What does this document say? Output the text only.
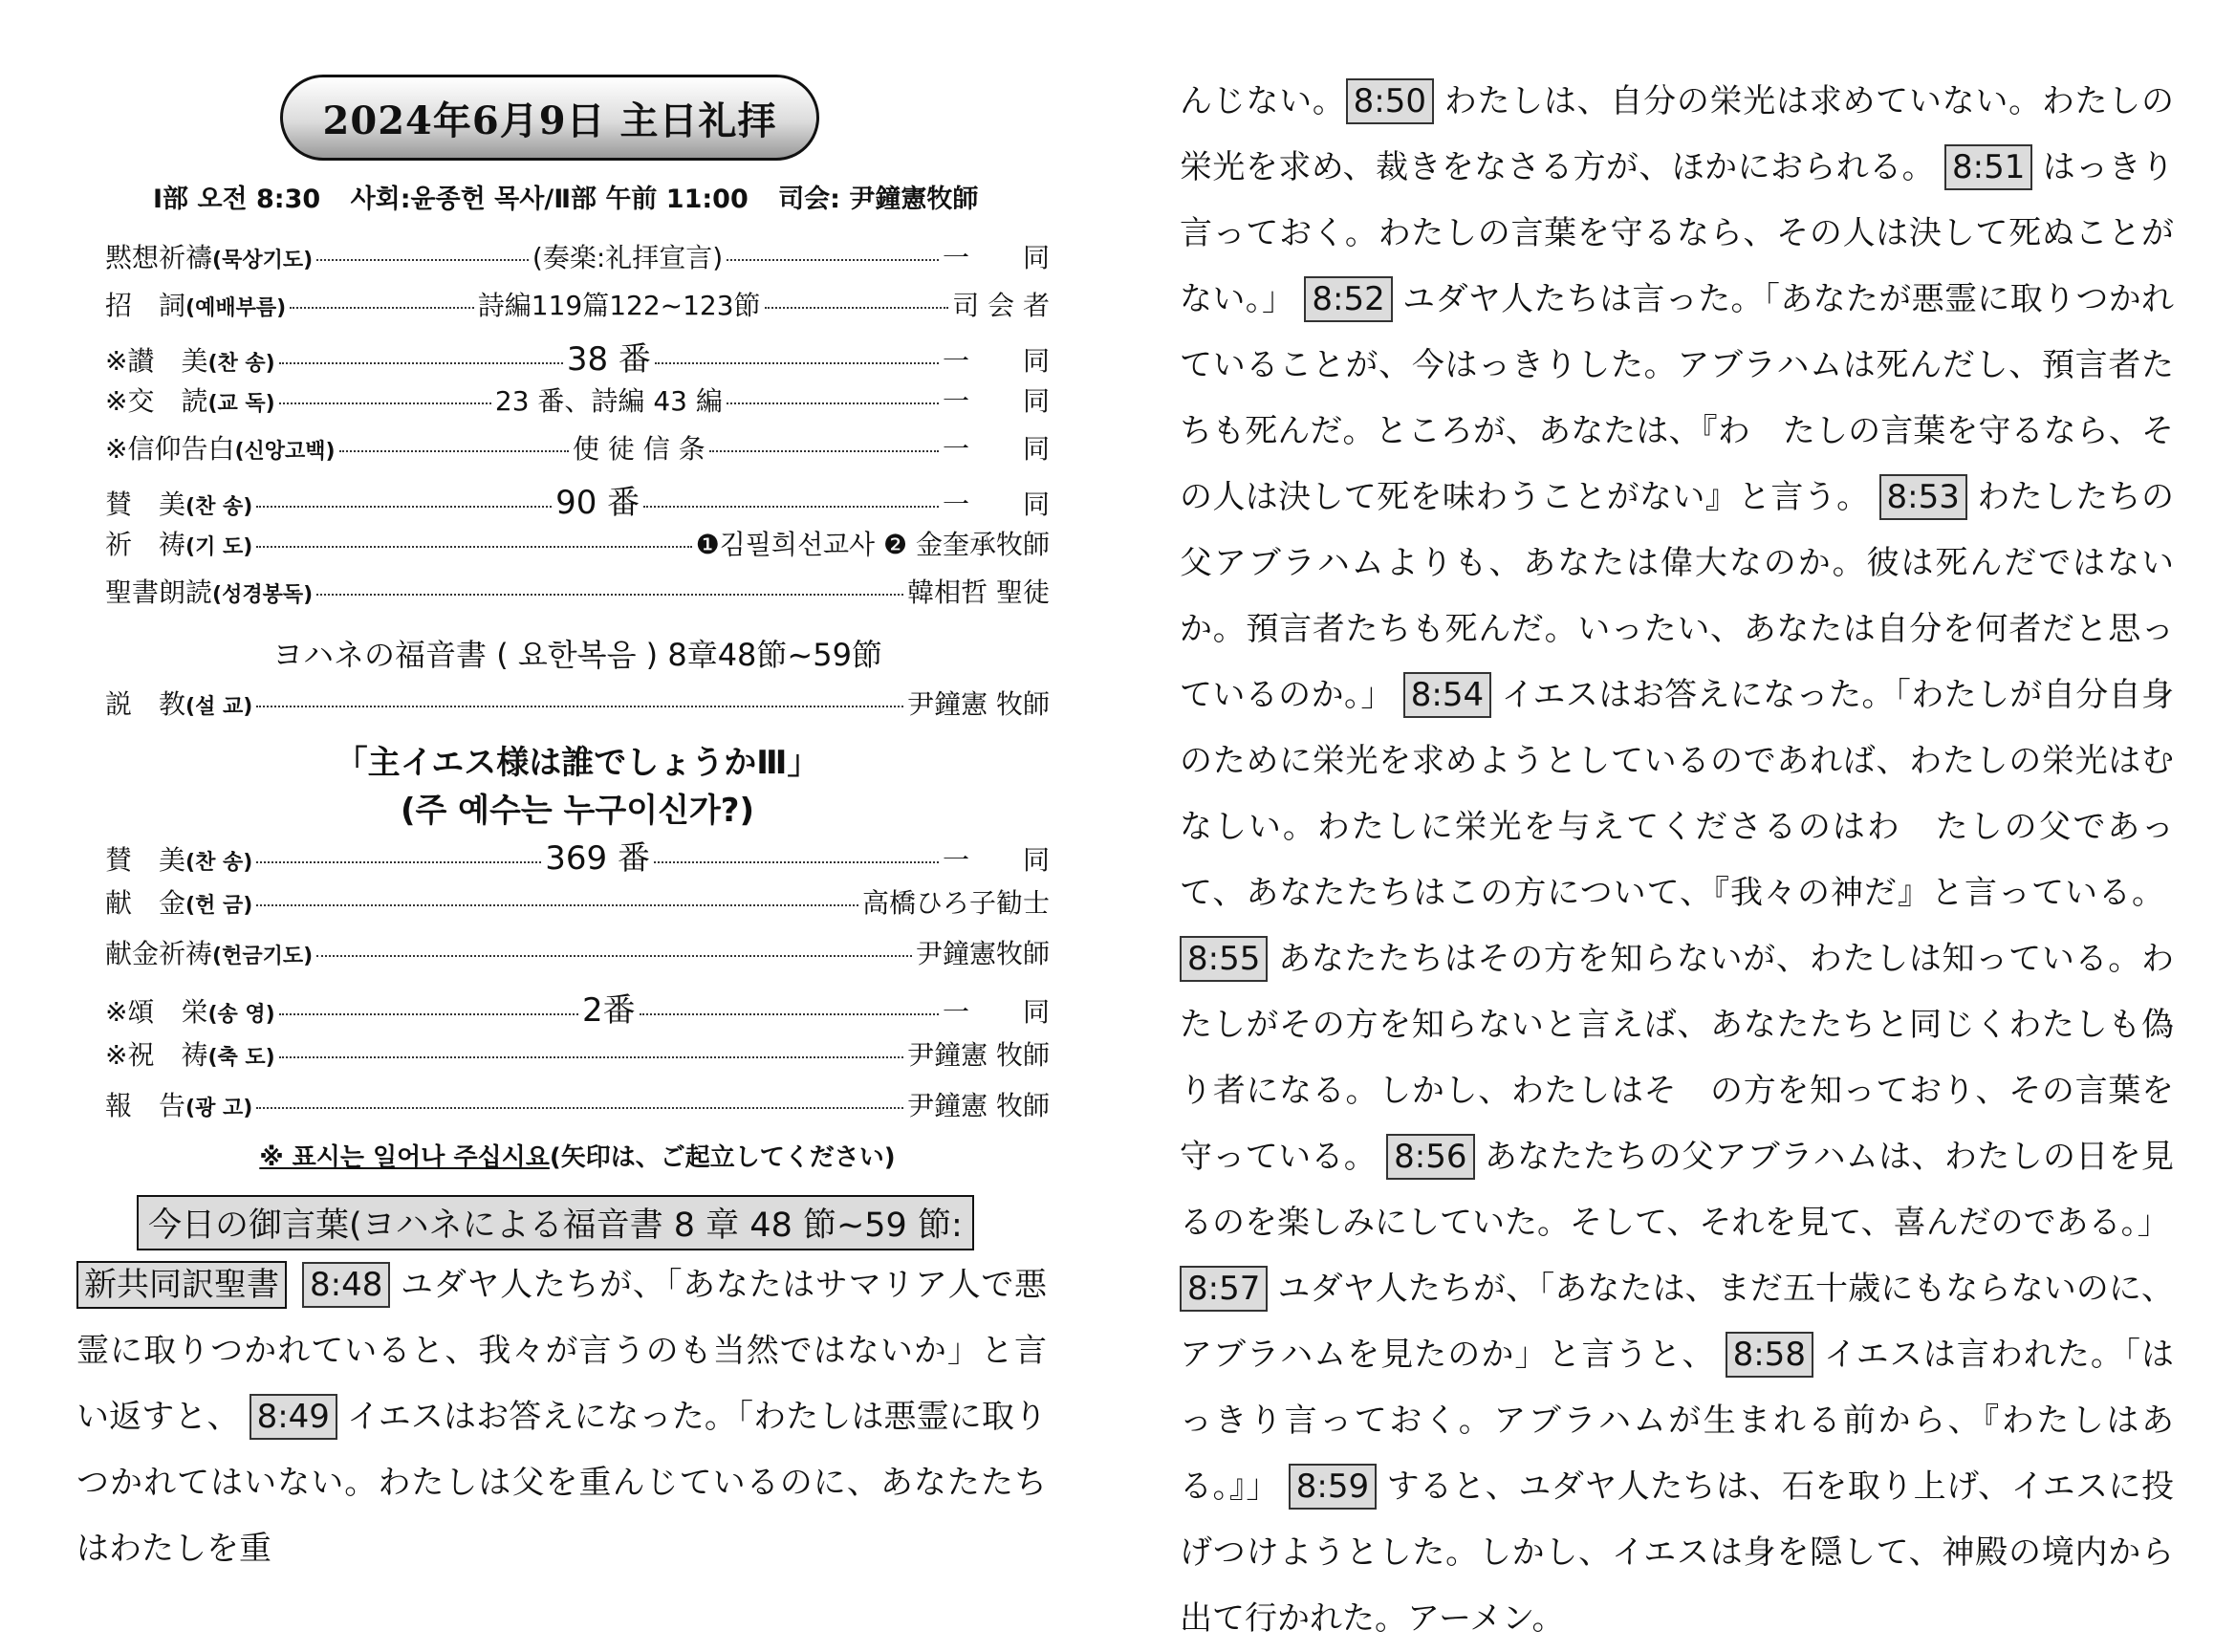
2024年6月9日 主日礼拝
Ⅰ部 오전 8:30 사회:윤종헌 목사/Ⅱ部 午前 11:00 司会: 尹鐘憲牧師
黙想祈禱(묵상기도)	(奏楽:礼拝宣言)	一　　同
招　詞(예배부름)	詩編119篇122~123節	司 会 者
※讃　美(찬 송)	38 番	一　　同
※交　読(교 독)	23 番、詩編 43 編	一　　同
※信仰告白(신앙고백)	使 徒 信 条	一　　同
賛　美(찬 송)	90 番	一　　同
祈　祷(기 도)	❶김필희선교사 ❷ 金奎承牧師
聖書朗読(성경봉독)	韓相哲 聖徒
ヨハネの福音書 ( 요한복음 ) 8章48節~59節
説　教(설 교)	尹鐘憲 牧師
「主イエス様は誰でしょうかⅢ」
(주 예수는 누구이신가?)
賛　美(찬 송)	369 番	一　　同
献　金(헌 금)	高橋ひろ子勧士
献金祈祷(헌금기도)	尹鐘憲牧師
※頌　栄(송 영)	2番	一　　同
※祝　祷(축 도)	尹鐘憲 牧師
報　告(광 고)	尹鐘憲 牧師
※ 표시는 일어나 주십시요(矢印は、ご起立してください)
今日の御言葉(ヨハネによる福音書 8 章 48 節~59 節:
新共同訳聖書 8:48 ユダヤ人たちが、「あなたはサマリア人で悪霊に取りつかれていると、我々が言うのも当然ではないか」と言い返すと、 8:49 イエスはお答えになった。「わたしは悪霊に取りつかれてはいない。わたしは父を重んじているのに、あなたたちはわたしを重
んじない。 8:50 わたしは、自分の栄光は求めていない。わたしの栄光を求め、裁きをなさる方が、ほかにおられる。 8:51 はっきり言っておく。わたしの言葉を守るなら、その人は決して死ぬことがない。」 8:52 ユダヤ人たちは言った。「あなたが悪霊に取りつかれていることが、今はっきりした。アブラハムは死んだし、預言者たちも死んだ。ところが、あなたは、『わ　たしの言葉を守るなら、その人は決して死を味わうことがない』と言う。 8:53 わたしたちの父アブラハムよりも、あなたは偉大なのか。彼は死んだではないか。預言者たちも死んだ。いったい、あなたは自分を何者だと思っているのか。」 8:54 イエスはお答えになった。「わたしが自分自身のために栄光を求めようとしているのであれば、わたしの栄光はむなしい。わたしに栄光を与えてくださるのはわ　たしの父であって、あなたたちはこの方について、『我々の神だ』と言っている。8:55 あなたたちはその方を知らないが、わたしは知っている。わたしがその方を知らないと言えば、あなたたちと同じくわたしも偽り者になる。しかし、わたしはそ　の方を知っており、その言葉を守っている。 8:56 あなたたちの父アブラハムは、わたしの日を見るのを楽しみにしていた。そして、それを見て、喜んだのである。」8:57 ユダヤ人たちが、「あなたは、まだ五十歳にもならないのに、アブラハムを見たのか」と言うと、 8:58 イエスは言われた。「はっきり言っておく。アブラハムが生まれる前から、『わたしはある。』」 8:59 すると、ユダヤ人たちは、石を取り上げ、イエスに投げつけようとした。しかし、イエスは身を隠して、神殿の境内から出て行かれた。アーメン。
